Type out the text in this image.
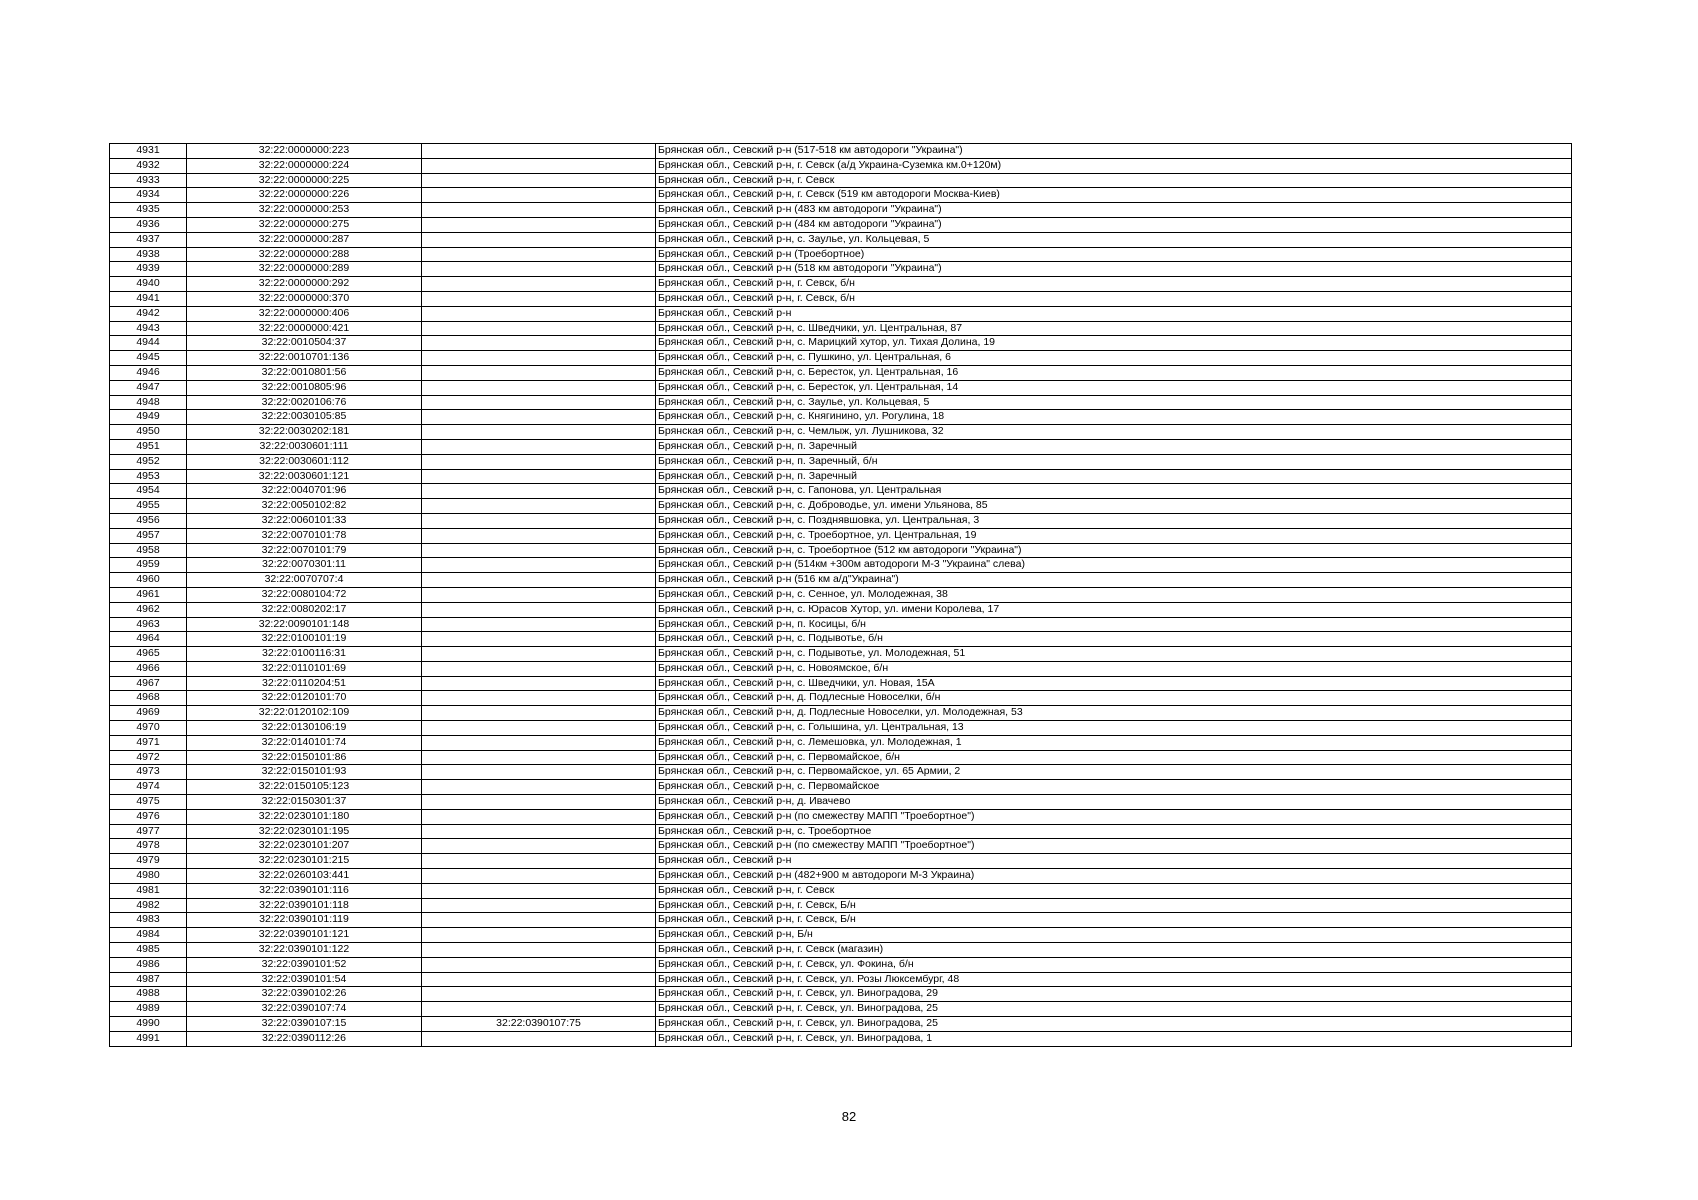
4931	32:22:0000000:223		Брянская обл., Севский р-н (517-518 км автодороги "Украина")
4932	32:22:0000000:224		Брянская обл., Севский р-н, г. Севск (а/д Украина-Суземка км.0+120м)
4933	32:22:0000000:225		Брянская обл., Севский р-н, г. Севск
4934	32:22:0000000:226		Брянская обл., Севский р-н, г. Севск (519 км автодороги Москва-Киев)
4935	32:22:0000000:253		Брянская обл., Севский р-н (483 км автодороги "Украина")
4936	32:22:0000000:275		Брянская обл., Севский р-н (484 км автодороги "Украина")
4937	32:22:0000000:287		Брянская обл., Севский р-н, с. Заулье, ул. Кольцевая, 5
4938	32:22:0000000:288		Брянская обл., Севский р-н (Троебортное)
4939	32:22:0000000:289		Брянская обл., Севский р-н (518 км автодороги "Украина")
4940	32:22:0000000:292		Брянская обл., Севский р-н, г. Севск, б/н
4941	32:22:0000000:370		Брянская обл., Севский р-н, г. Севск, б/н
4942	32:22:0000000:406		Брянская обл., Севский р-н
4943	32:22:0000000:421		Брянская обл., Севский р-н, с. Шведчики, ул. Центральная, 87
4944	32:22:0010504:37		Брянская обл., Севский р-н, с. Марицкий хутор, ул. Тихая Долина, 19
4945	32:22:0010701:136		Брянская обл., Севский р-н, с. Пушкино, ул. Центральная, 6
4946	32:22:0010801:56		Брянская обл., Севский р-н, с. Бересток, ул. Центральная, 16
4947	32:22:0010805:96		Брянская обл., Севский р-н, с. Бересток, ул. Центральная, 14
4948	32:22:0020106:76		Брянская обл., Севский р-н, с. Заулье, ул. Кольцевая, 5
4949	32:22:0030105:85		Брянская обл., Севский р-н, с. Княгинино, ул. Рогулина, 18
4950	32:22:0030202:181		Брянская обл., Севский р-н, с. Чемлыж, ул. Лушникова, 32
4951	32:22:0030601:111		Брянская обл., Севский р-н, п. Заречный
4952	32:22:0030601:112		Брянская обл., Севский р-н, п. Заречный, б/н
4953	32:22:0030601:121		Брянская обл., Севский р-н, п. Заречный
4954	32:22:0040701:96		Брянская обл., Севский р-н, с. Гапонова, ул. Центральная
4955	32:22:0050102:82		Брянская обл., Севский р-н, с. Доброводье, ул. имени Ульянова, 85
4956	32:22:0060101:33		Брянская обл., Севский р-н, с. Позднявшовка, ул. Центральная, 3
4957	32:22:0070101:78		Брянская обл., Севский р-н, с. Троебортное, ул. Центральная, 19
4958	32:22:0070101:79		Брянская обл., Севский р-н, с. Троебортное (512 км автодороги "Украина")
4959	32:22:0070301:11		Брянская обл., Севский р-н (514км +300м автодороги М-3 "Украина" слева)
4960	32:22:0070707:4		Брянская обл., Севский р-н (516 км а/д"Украина")
4961	32:22:0080104:72		Брянская обл., Севский р-н, с. Сенное, ул. Молодежная, 38
4962	32:22:0080202:17		Брянская обл., Севский р-н, с. Юрасов Хутор, ул. имени Королева, 17
4963	32:22:0090101:148		Брянская обл., Севский р-н, п. Косицы, б/н
4964	32:22:0100101:19		Брянская обл., Севский р-н, с. Подывотье, б/н
4965	32:22:0100116:31		Брянская обл., Севский р-н, с. Подывотье, ул. Молодежная, 51
4966	32:22:0110101:69		Брянская обл., Севский р-н, с. Новоямское, б/н
4967	32:22:0110204:51		Брянская обл., Севский р-н, с. Шведчики, ул. Новая, 15А
4968	32:22:0120101:70		Брянская обл., Севский р-н, д. Подлесные Новоселки, б/н
4969	32:22:0120102:109		Брянская обл., Севский р-н, д. Подлесные Новоселки, ул. Молодежная, 53
4970	32:22:0130106:19		Брянская обл., Севский р-н, с. Голышина, ул. Центральная, 13
4971	32:22:0140101:74		Брянская обл., Севский р-н, с. Лемешовка, ул. Молодежная, 1
4972	32:22:0150101:86		Брянская обл., Севский р-н, с. Первомайское, б/н
4973	32:22:0150101:93		Брянская обл., Севский р-н, с. Первомайское, ул. 65 Армии, 2
4974	32:22:0150105:123		Брянская обл., Севский р-н, с. Первомайское
4975	32:22:0150301:37		Брянская обл., Севский р-н, д. Ивачево
4976	32:22:0230101:180		Брянская обл., Севский р-н (по смежеству МАПП "Троебортное")
4977	32:22:0230101:195		Брянская обл., Севский р-н, с. Троебортное
4978	32:22:0230101:207		Брянская обл., Севский р-н (по смежеству МАПП "Троебортное")
4979	32:22:0230101:215		Брянская обл., Севский р-н
4980	32:22:0260103:441		Брянская обл., Севский р-н (482+900 м автодороги М-3 Украина)
4981	32:22:0390101:116		Брянская обл., Севский р-н, г. Севск
4982	32:22:0390101:118		Брянская обл., Севский р-н, г. Севск, Б/н
4983	32:22:0390101:119		Брянская обл., Севский р-н, г. Севск, Б/н
4984	32:22:0390101:121		Брянская обл., Севский р-н, Б/н
4985	32:22:0390101:122		Брянская обл., Севский р-н, г. Севск (магазин)
4986	32:22:0390101:52		Брянская обл., Севский р-н, г. Севск, ул. Фокина, б/н
4987	32:22:0390101:54		Брянская обл., Севский р-н, г. Севск, ул. Розы Люксембург, 48
4988	32:22:0390102:26		Брянская обл., Севский р-н, г. Севск, ул. Виноградова, 29
4989	32:22:0390107:74		Брянская обл., Севский р-н, г. Севск, ул. Виноградова, 25
4990	32:22:0390107:15	32:22:0390107:75	Брянская обл., Севский р-н, г. Севск, ул. Виноградова, 25
4991	32:22:0390112:26		Брянская обл., Севский р-н, г. Севск, ул. Виноградова, 1
82
